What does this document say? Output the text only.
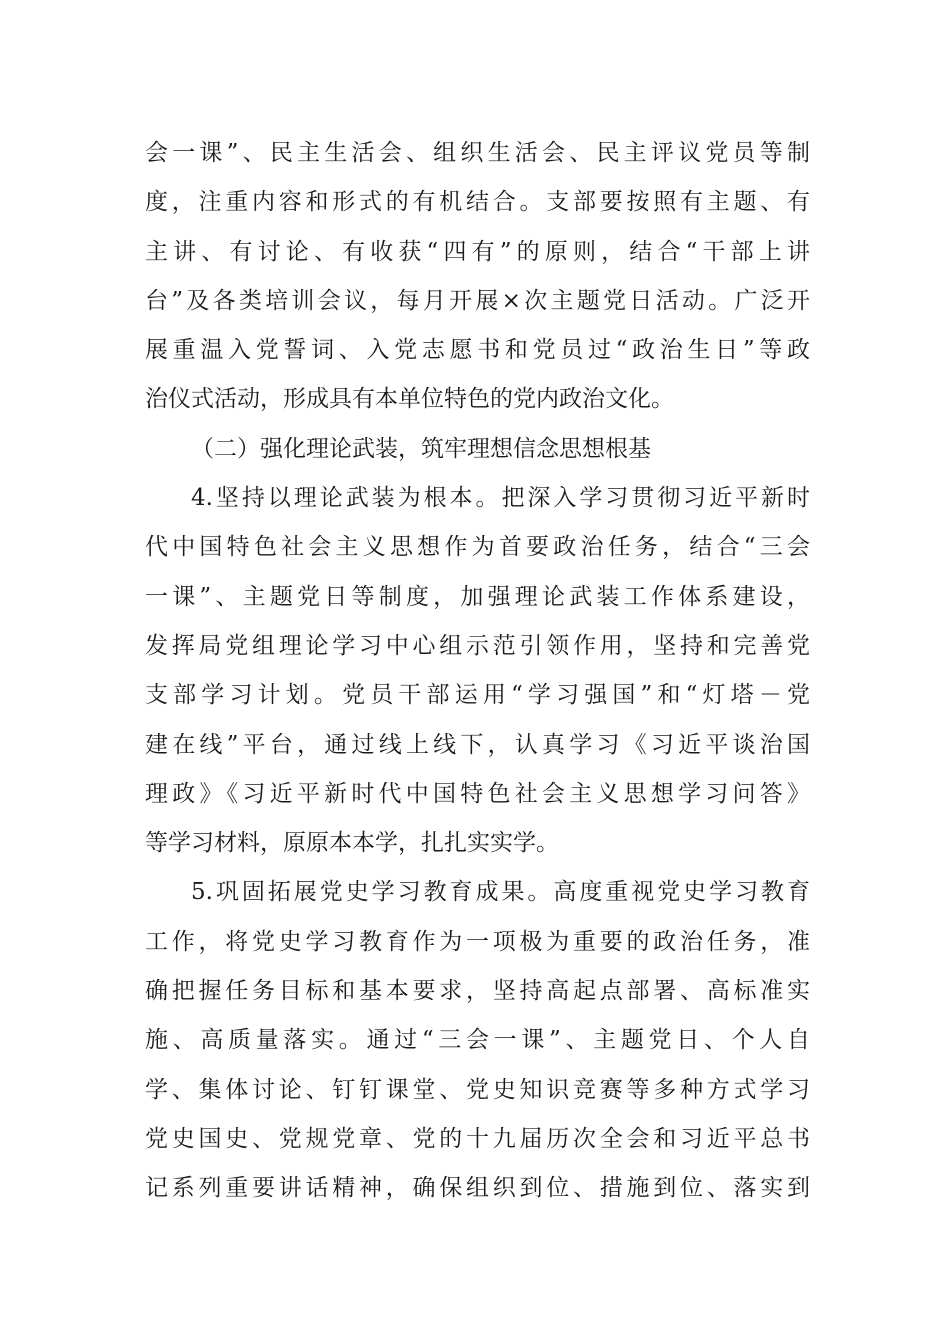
会一课”、民主生活会、组织生活会、民主评议党员等制
度，注重内容和形式的有机结合。支部要按照有主题、有
主讲、有讨论、有收获“四有”的原则，结合“干部上讲
台”及各类培训会议，每月开展×次主题党日活动。广泛开
展重温入党誓词、入党志愿书和党员过“政治生日”等政
治仪式活动，形成具有本单位特色的党内政治文化。
（二）强化理论武装，筑牢理想信念思想根基
4.坚持以理论武装为根本。把深入学习贯彻习近平新时
代中国特色社会主义思想作为首要政治任务，结合“三会
一课”、主题党日等制度，加强理论武装工作体系建设，
发挥局党组理论学习中心组示范引领作用，坚持和完善党
支部学习计划。党员干部运用“学习强国”和“灯塔－党
建在线”平台，通过线上线下，认真学习《习近平谈治国
理政》《习近平新时代中国特色社会主义思想学习问答》
等学习材料，原原本本学，扎扎实实学。
5.巩固拓展党史学习教育成果。高度重视党史学习教育
工作，将党史学习教育作为一项极为重要的政治任务，准
确把握任务目标和基本要求，坚持高起点部署、高标准实
施、高质量落实。通过“三会一课”、主题党日、个人自
学、集体讨论、钉钉课堂、党史知识竞赛等多种方式学习
党史国史、党规党章、党的十九届历次全会和习近平总书
记系列重要讲话精神，确保组织到位、措施到位、落实到
